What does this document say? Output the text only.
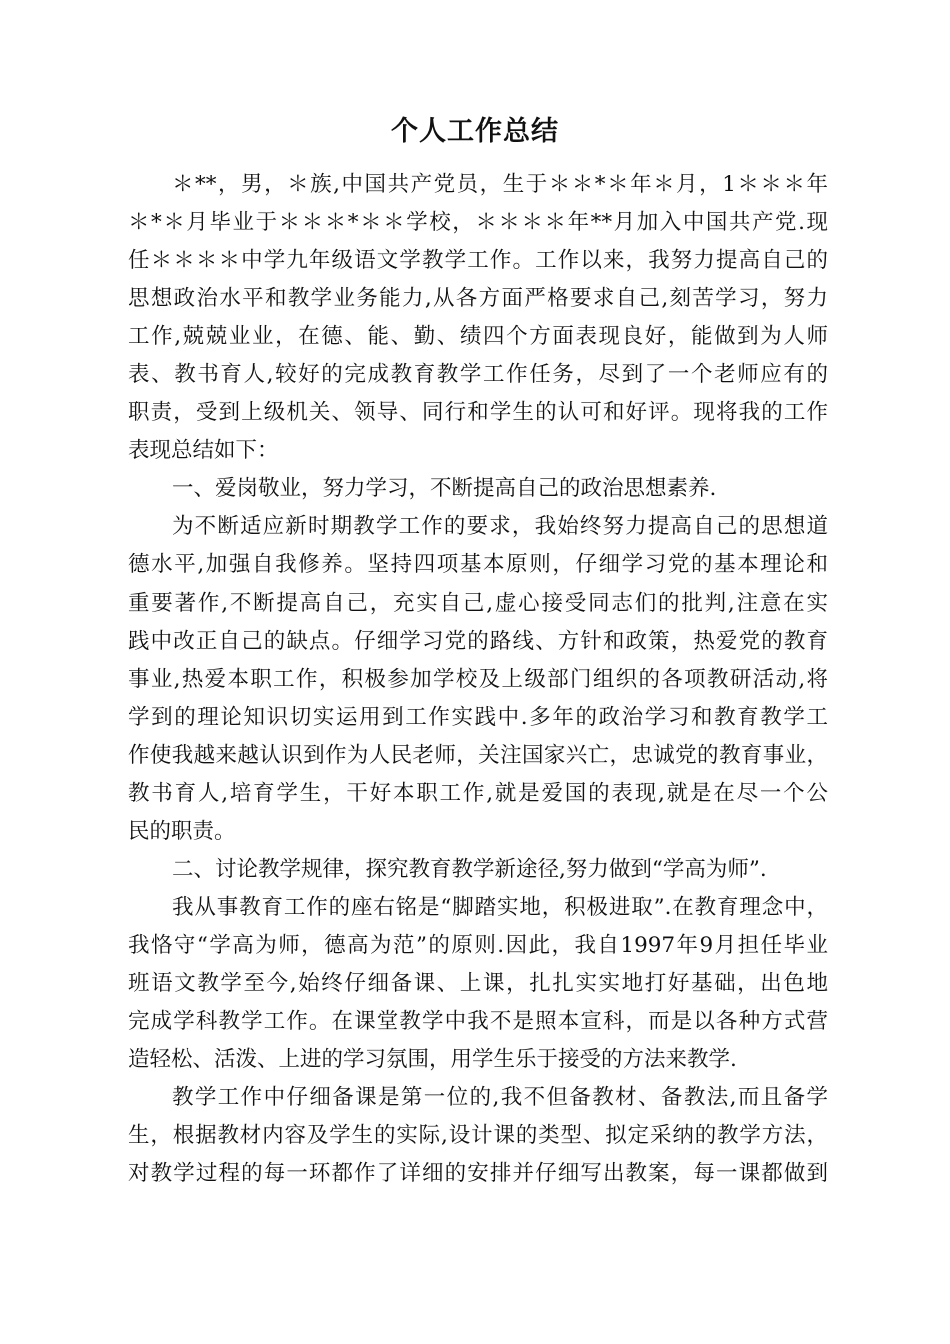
个人工作总结
＊**，男，＊族,中国共产党员，生于＊＊*＊年＊月，1＊＊＊年
＊*＊月毕业于＊＊＊*＊＊学校，＊＊＊＊年**月加入中国共产党.现
任＊＊＊＊中学九年级语文学教学工作。工作以来，我努力提高自己的
思想政治水平和教学业务能力,从各方面严格要求自己,刻苦学习，努力
工作,兢兢业业，在德、能、勤、绩四个方面表现良好，能做到为人师
表、教书育人,较好的完成教育教学工作任务，尽到了一个老师应有的
职责，受到上级机关、领导、同行和学生的认可和好评。现将我的工作
表现总结如下：
一、爱岗敬业，努力学习，不断提高自己的政治思想素养.
为不断适应新时期教学工作的要求，我始终努力提高自己的思想道
德水平,加强自我修养。坚持四项基本原则，仔细学习党的基本理论和
重要著作,不断提高自己，充实自己,虚心接受同志们的批判,注意在实
践中改正自己的缺点。仔细学习党的路线、方针和政策，热爱党的教育
事业,热爱本职工作，积极参加学校及上级部门组织的各项教研活动,将
学到的理论知识切实运用到工作实践中.多年的政治学习和教育教学工
作使我越来越认识到作为人民老师，关注国家兴亡，忠诚党的教育事业，
教书育人,培育学生，干好本职工作,就是爱国的表现,就是在尽一个公
民的职责。
二、讨论教学规律，探究教育教学新途径,努力做到“学高为师”.
我从事教育工作的座右铭是“脚踏实地，积极进取”.在教育理念中，
我恪守“学高为师，德高为范”的原则.因此，我自1997年9月担任毕业
班语文教学至今,始终仔细备课、上课，扎扎实实地打好基础，出色地
完成学科教学工作。在课堂教学中我不是照本宣科，而是以各种方式营
造轻松、活泼、上进的学习氛围，用学生乐于接受的方法来教学.
教学工作中仔细备课是第一位的,我不但备教材、备教法,而且备学
生，根据教材内容及学生的实际,设计课的类型、拟定采纳的教学方法，
对教学过程的每一环都作了详细的安排并仔细写出教案，每一课都做到
